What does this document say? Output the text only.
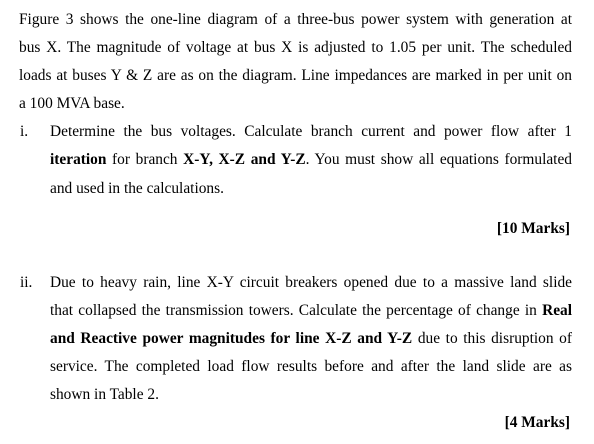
Figure 3 shows the one-line diagram of a three-bus power system with generation at
bus X. The magnitude of voltage at bus X is adjusted to 1.05 per unit. The scheduled
loads at buses Y & Z are as on the diagram. Line impedances are marked in per unit on
a 100 MVA base.
i. Determine the bus voltages. Calculate branch current and power flow after 1
iteration for branch X-Y, X-Z and Y-Z. You must show all equations formulated
and used in the calculations.
[10 Marks]
ii. Due to heavy rain, line X-Y circuit breakers opened due to a massive land slide
that collapsed the transmission towers. Calculate the percentage of change in Real
and Reactive power magnitudes for line X-Z and Y-Z due to this disruption of
service. The completed load flow results before and after the land slide are as
shown in Table 2.
[4 Marks]
